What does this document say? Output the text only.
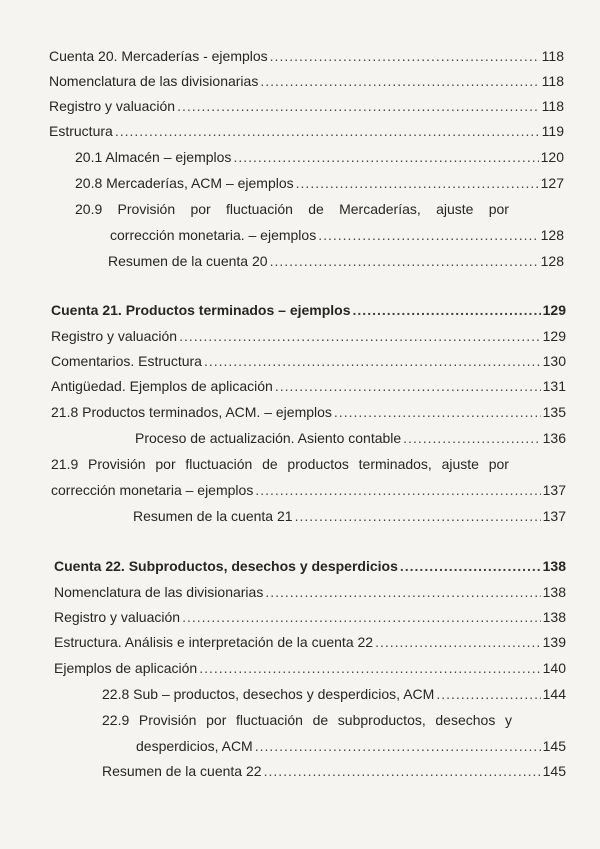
Cuenta 20. Mercaderías - ejemplos .....	118
Nomenclatura de las divisionarias .....	118
Registro y valuación .....	118
Estructura .....	119
20.1 Almacén – ejemplos .....	120
20.8 Mercaderías, ACM – ejemplos .....	127
20.9 Provisión por fluctuación de Mercaderías, ajuste por
corrección monetaria. – ejemplos .....	128
Resumen de la cuenta 20 .....	128
Cuenta 21. Productos terminados – ejemplos .....	129
Registro y valuación .....	129
Comentarios. Estructura .....	130
Antigüedad. Ejemplos de aplicación .....	131
21.8 Productos terminados, ACM. – ejemplos .....	135
Proceso de actualización. Asiento contable .....	136
21.9 Provisión por fluctuación de productos terminados, ajuste por
corrección monetaria – ejemplos .....	137
Resumen de la cuenta 21 .....	137
Cuenta 22. Subproductos, desechos y desperdicios .....	138
Nomenclatura de las divisionarias .....	138
Registro y valuación .....	138
Estructura. Análisis e interpretación de la cuenta 22 .....	139
Ejemplos de aplicación .....	140
22.8 Sub – productos, desechos y desperdicios, ACM .....	144
22.9 Provisión por fluctuación de subproductos, desechos y
desperdicios, ACM .....	145
Resumen de la cuenta 22 .....	145
